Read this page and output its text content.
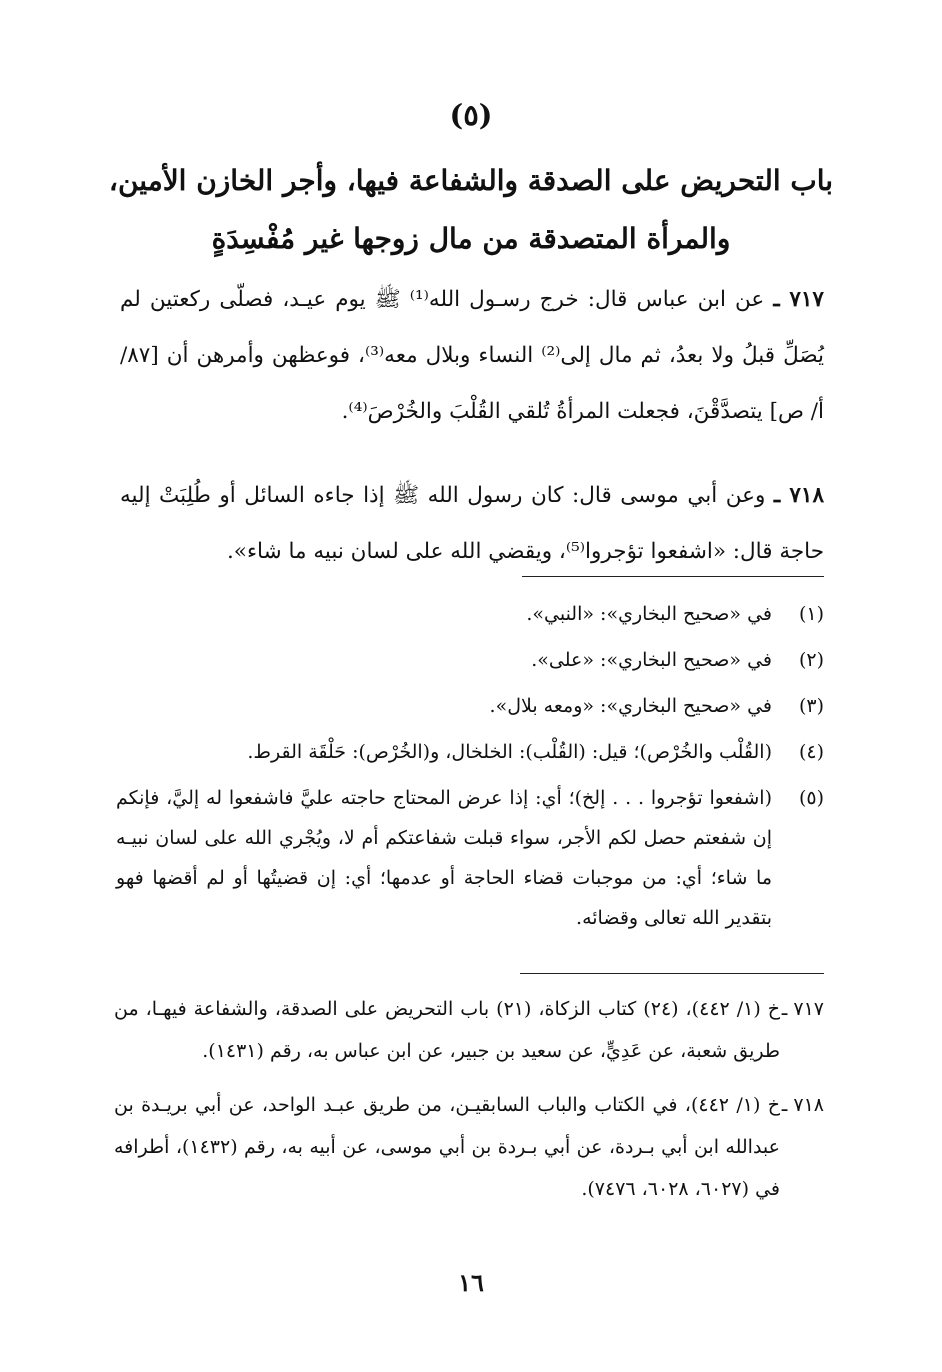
(٥)
باب التحريض على الصدقة والشفاعة فيها، وأجر الخازن الأمين،
والمرأة المتصدقة من مال زوجها غير مُفْسِدَةٍ
٧١٧ ـ عن ابن عباس قال: خرج رسـول الله⁽¹⁾ ﷺ يوم عيـد، فصلّى ركعتين لم يُصَلِّ قبلُ ولا بعدُ، ثم مال إلى⁽²⁾ النساء وبلال معه⁽³⁾، فوعظهن وأمرهن أن [٨٧/ أ/ ص] يتصدَّقْنَ، فجعلت المرأةُ تُلقي القُلْبَ والخُرْصَ⁽⁴⁾.
٧١٨ ـ وعن أبي موسى قال: كان رسول الله ﷺ إذا جاءه السائل أو طُلِبَتْ إليه حاجة قال: «اشفعوا تؤجروا⁽⁵⁾، ويقضي الله على لسان نبيه ما شاء».
(١)
في «صحيح البخاري»: «النبي».
(٢)
في «صحيح البخاري»: «على».
(٣)
في «صحيح البخاري»: «ومعه بلال».
(٤)
(القُلْب والخُرْص)؛ قيل: (القُلْب): الخلخال، و(الخُرْص): حَلْقَة القرط.
(٥)
(اشفعوا تؤجروا . . . إلخ)؛ أي: إذا عرض المحتاج حاجته عليَّ فاشفعوا له إليَّ، فإنكم إن شفعتم حصل لكم الأجر، سواء قبلت شفاعتكم أم لا، ويُجْري الله على لسان نبيـه ما شاء؛ أي: من موجبات قضاء الحاجة أو عدمها؛ أي: إن قضيتُها أو لم أقضها فهو بتقدير الله تعالى وقضائه.
٧١٧ ـ
خ (١/ ٤٤٢)، (٢٤) كتاب الزكاة، (٢١) باب التحريض على الصدقة، والشفاعة فيهـا، من طريق شعبة، عن عَدِيٍّ، عن سعيد بن جبير، عن ابن عباس به، رقم (١٤٣١).
٧١٨ ـ
خ (١/ ٤٤٢)، في الكتاب والباب السابقيـن، من طريق عبـد الواحد، عن أبي بريـدة بن عبدالله ابن أبي بـردة، عن أبي بـردة بن أبي موسى، عن أبيه به، رقم (١٤٣٢)، أطرافه في (٦٠٢٧، ٦٠٢٨، ٧٤٧٦).
١٦
